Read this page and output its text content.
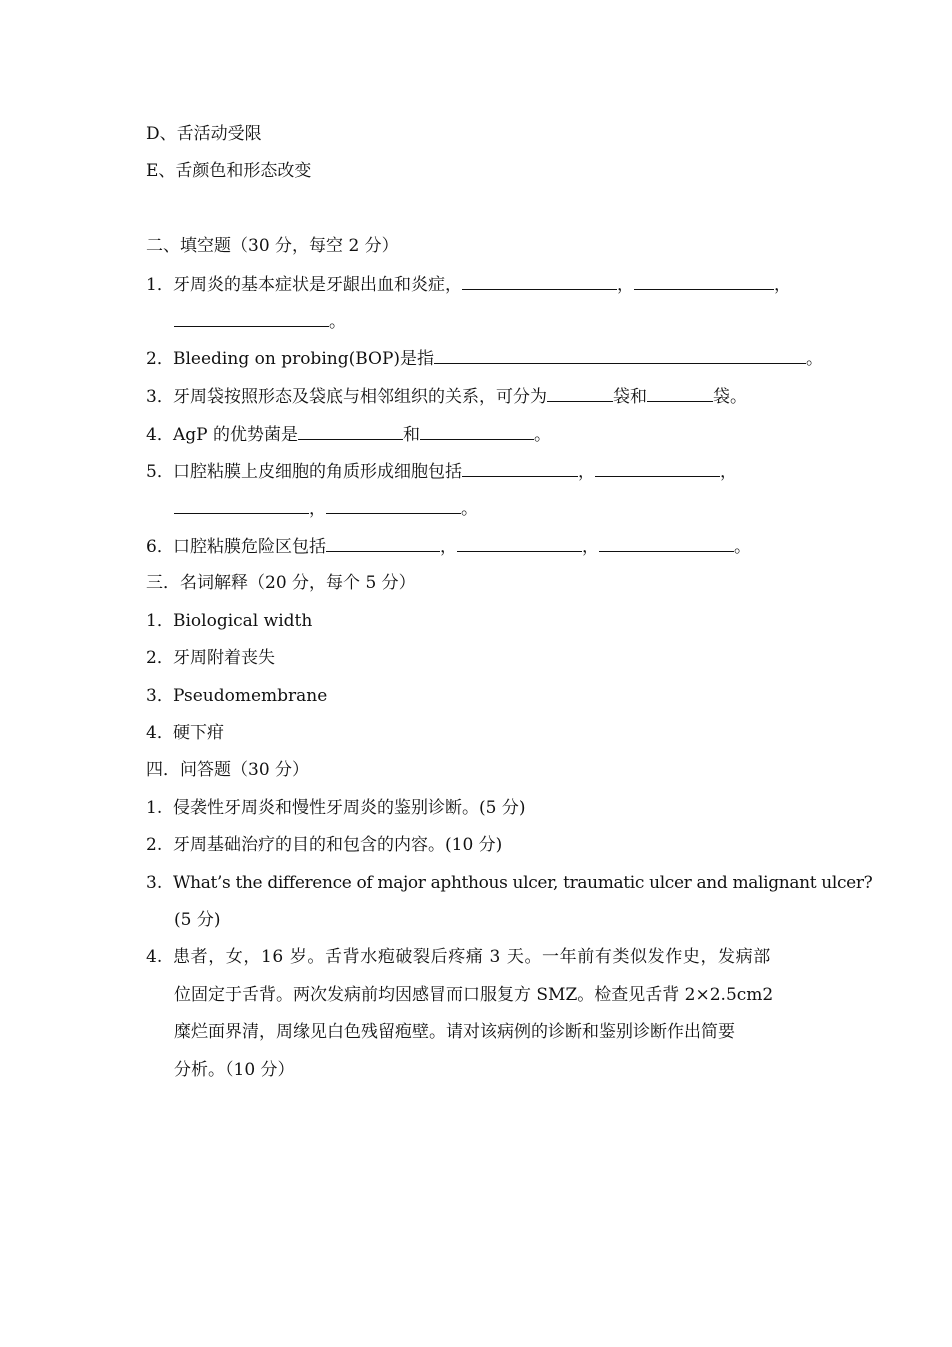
D、舌活动受限
E、舌颜色和形态改变
二、填空题（30 分，每空 2 分）
1．牙周炎的基本症状是牙龈出血和炎症，	，	，
。
2．Bleeding on probing(BOP)是指	。
3．牙周袋按照形态及袋底与相邻组织的关系，可分为	袋和	袋。
4．AgP 的优势菌是	和	。
5．口腔粘膜上皮细胞的角质形成细胞包括	，	，
，	。
6．口腔粘膜危险区包括	，	，	。
三．名词解释（20 分，每个 5 分）
1．Biological width
2．牙周附着丧失
3．Pseudomembrane
4．硬下疳
四．问答题（30 分）
1. 侵袭性牙周炎和慢性牙周炎的鉴别诊断。(5 分)
2. 牙周基础治疗的目的和包含的内容。(10 分)
3. What’s the difference of major aphthous ulcer, traumatic ulcer and malignant ulcer?
(5 分)
4. 患者，女，16 岁。舌背水疱破裂后疼痛 3 天。一年前有类似发作史，发病部
位固定于舌背。两次发病前均因感冒而口服复方 SMZ。检查见舌背 2×2.5cm2
糜烂面界清，周缘见白色残留疱壁。请对该病例的诊断和鉴别诊断作出简要
分析。（10 分）
